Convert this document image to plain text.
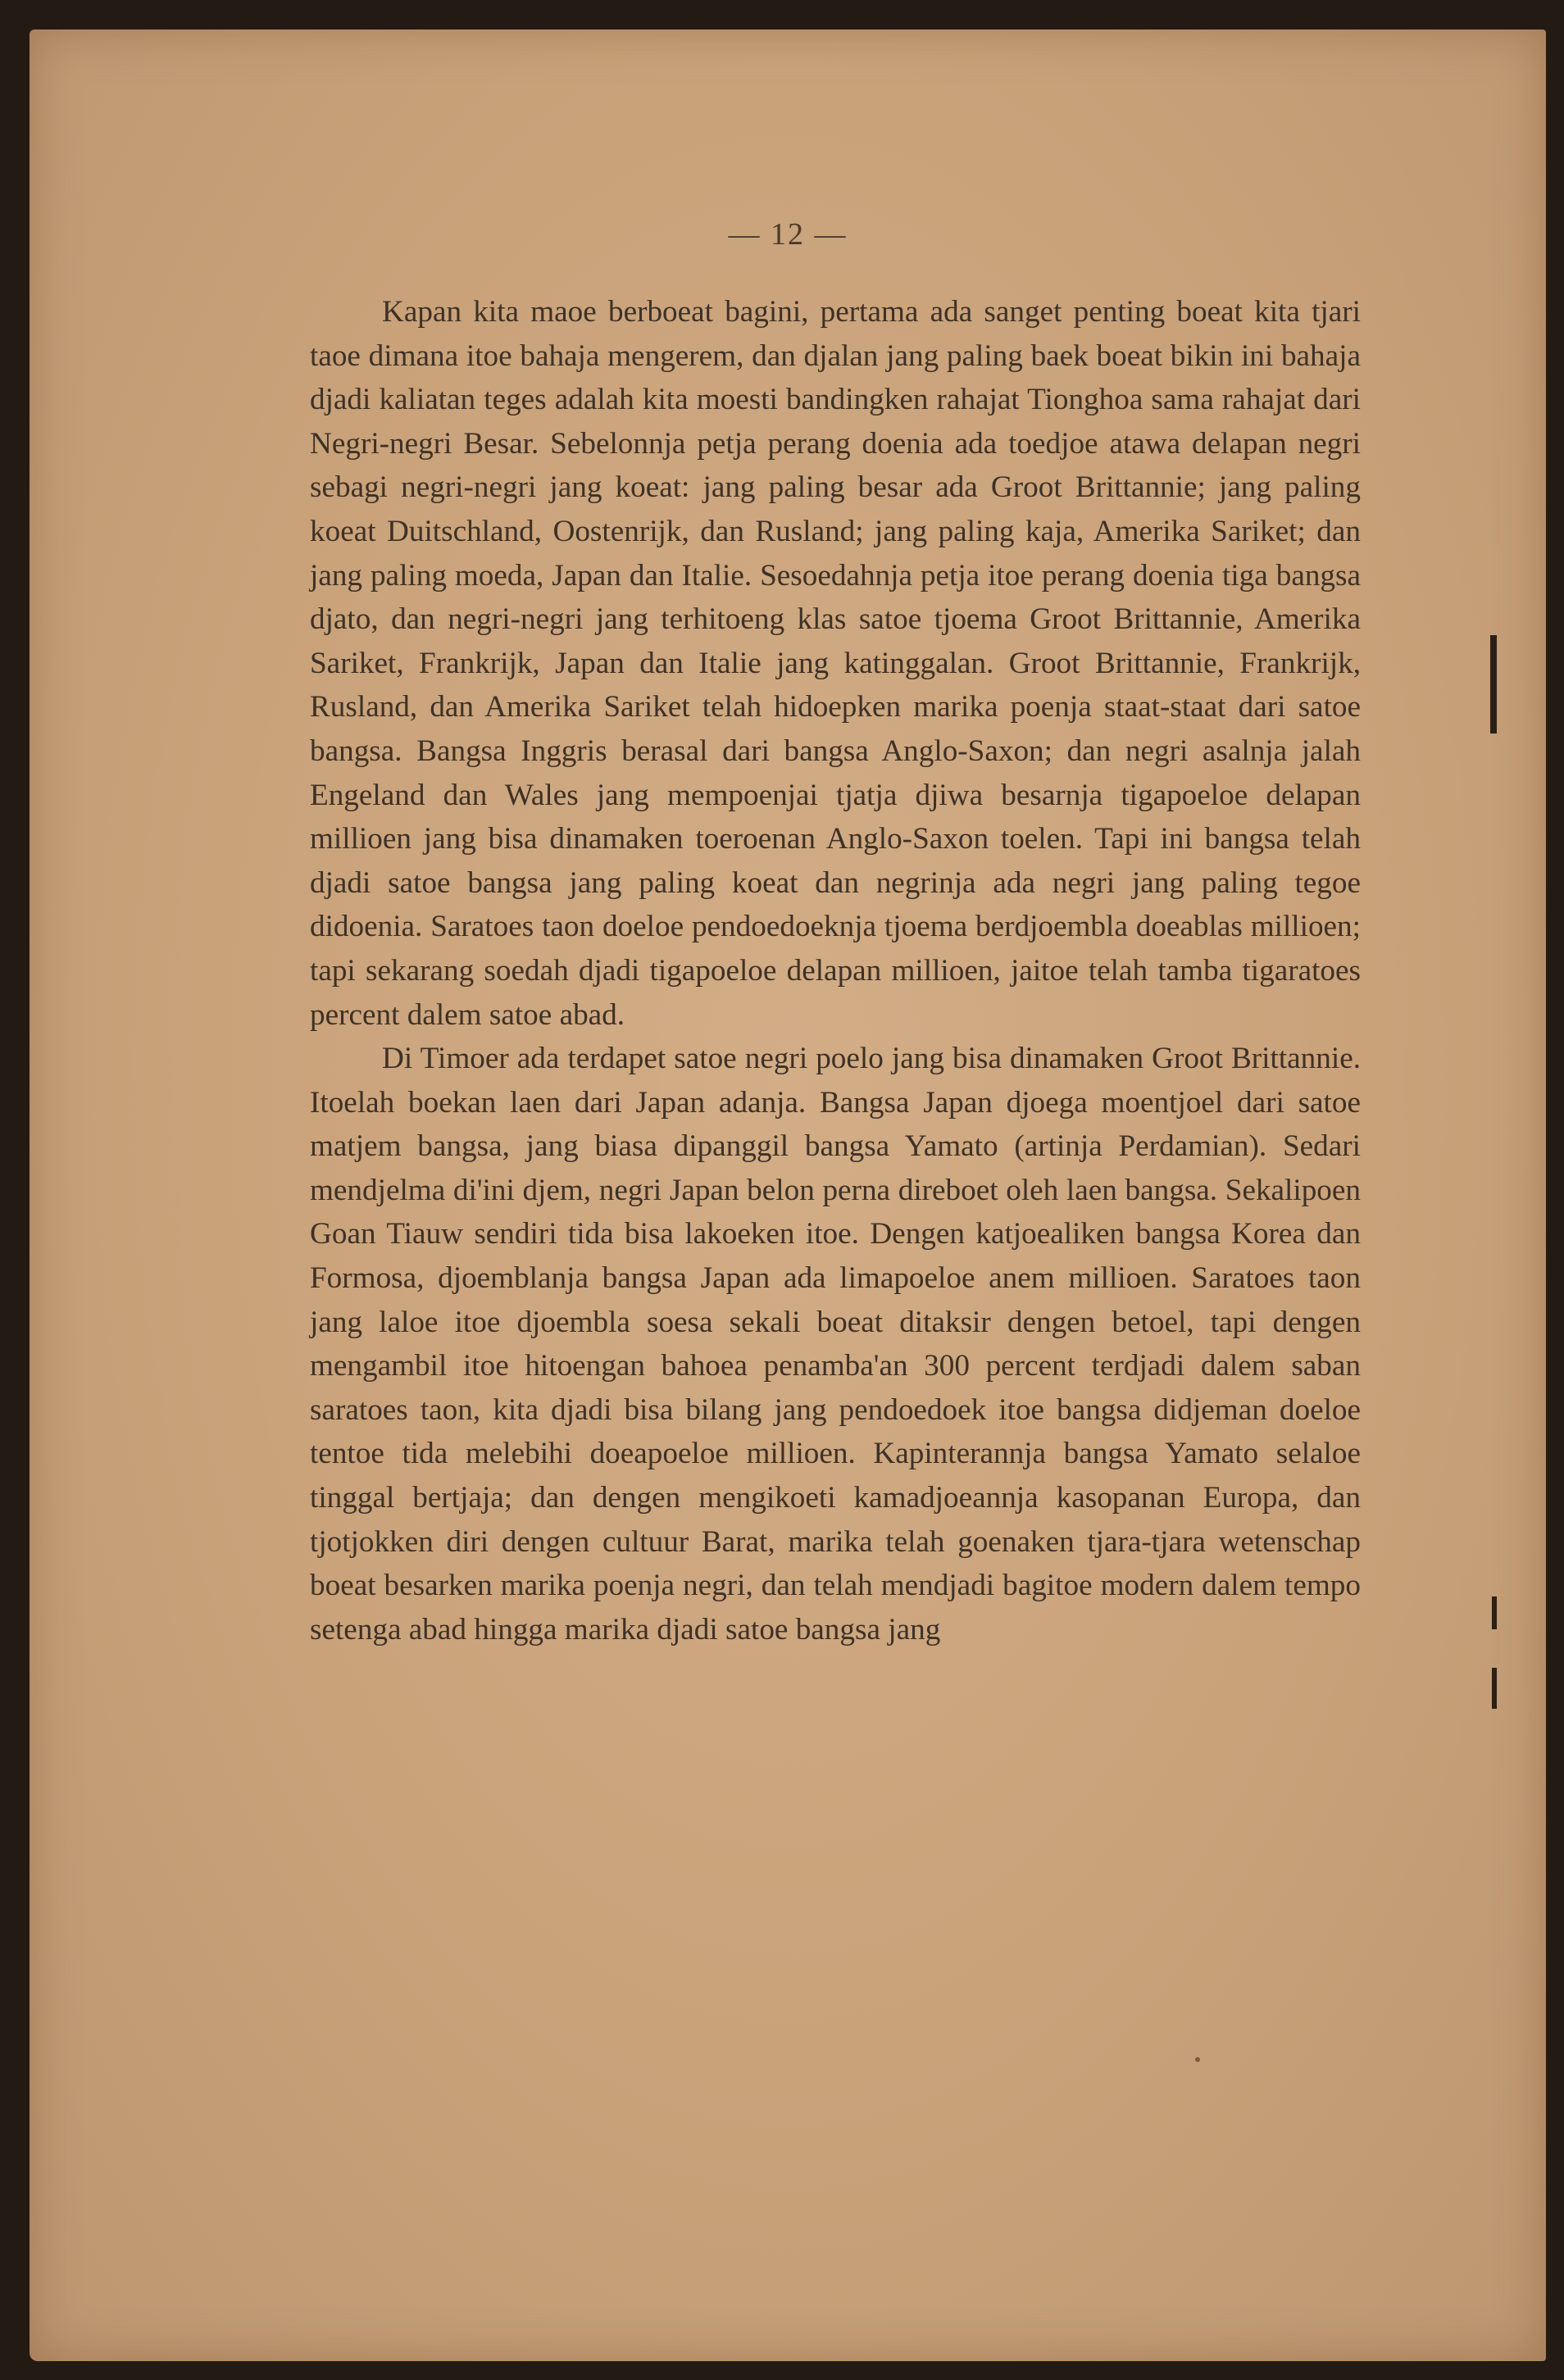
— 12 —

Kapan kita maoe berboeat bagini, pertama ada sanget penting boeat kita tjari taoe dimana itoe bahaja mengerem, dan djalan jang paling baek boeat bikin ini bahaja djadi kaliatan teges adalah kita moesti bandingken rahajat Tionghoa sama rahajat dari Negri-negri Besar. Sebelonnja petja perang doenia ada toedjoe atawa delapan negri sebagi negri-negri jang koeat: jang paling besar ada Groot Brittannie; jang paling koeat Duitschland, Oostenrijk, dan Rusland; jang paling kaja, Amerika Sariket; dan jang paling moeda, Japan dan Italie. Sesoedahnja petja itoe perang doenia tiga bangsa djato, dan negri-negri jang terhitoeng klas satoe tjoema Groot Brittannie, Amerika Sariket, Frankrijk, Japan dan Italie jang katinggalan. Groot Brittannie, Frankrijk, Rusland, dan Amerika Sariket telah hidoepken marika poenja staat-staat dari satoe bangsa. Bangsa Inggris berasal dari bangsa Anglo-Saxon; dan negri asalnja jalah Engeland dan Wales jang mempoenjai tjatja djiwa besarnja tigapoeloe delapan millioen jang bisa dinamaken toeroenan Anglo-Saxon toelen. Tapi ini bangsa telah djadi satoe bangsa jang paling koeat dan negrinja ada negri jang paling tegoe didoenia. Saratoes taon doeloe pendoedoeknja tjoema berdjoembla doeablas millioen; tapi sekarang soedah djadi tigapoeloe delapan millioen, jaitoe telah tamba tigaratoes percent dalem satoe abad.

Di Timoer ada terdapet satoe negri poelo jang bisa dinamaken Groot Brittannie. Itoelah boekan laen dari Japan adanja. Bangsa Japan djoega moentjoel dari satoe matjem bangsa, jang biasa dipanggil bangsa Yamato (artinja Perdamian). Sedari mendjelma di'ini djem, negri Japan belon perna direboet oleh laen bangsa. Sekalipoen Goan Tiauw sendiri tida bisa lakoeken itoe. Dengen katjoealiken bangsa Korea dan Formosa, djoemblanja bangsa Japan ada limapoeloe anem millioen. Saratoes taon jang laloe itoe djoembla soesa sekali boeat ditaksir dengen betoel, tapi dengen mengambil itoe hitoengan bahoea penamba'an 300 percent terdjadi dalem saban saratoes taon, kita djadi bisa bilang jang pendoedoek itoe bangsa didjeman doeloe tentoe tida melebihi doeapoeloe millioen. Kapinterannja bangsa Yamato selaloe tinggal bertjaja; dan dengen mengikoeti kamadjoeannja kasopanan Europa, dan tjotjokken diri dengen cultuur Barat, marika telah goenaken tjara-tjara wetenschap boeat besarken marika poenja negri, dan telah mendjadi bagitoe modern dalem tempo setenga abad hingga marika djadi satoe bangsa jang
